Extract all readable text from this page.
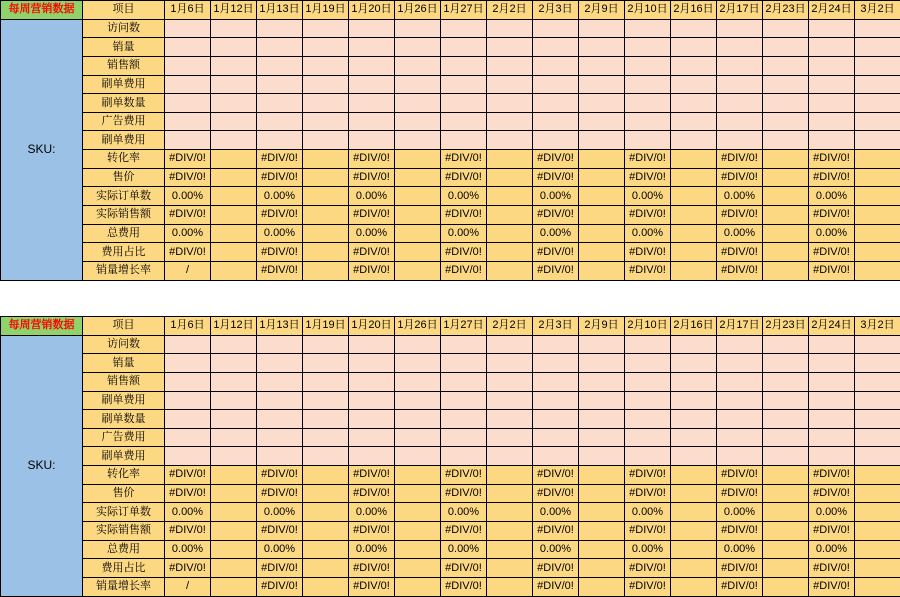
每周营销数据	项目	1月6日	1月12日	1月13日	1月19日	1月20日	1月26日	1月27日	2月2日	2月3日	2月9日	2月10日	2月16日	2月17日	2月23日	2月24日	3月2日
SKU:	访问数																
	销量																
	销售额																
	刷单费用																
	刷单数量																
	广告费用																
	刷单费用																
	转化率	#DIV/0!		#DIV/0!		#DIV/0!		#DIV/0!		#DIV/0!		#DIV/0!		#DIV/0!		#DIV/0!	
	售价	#DIV/0!		#DIV/0!		#DIV/0!		#DIV/0!		#DIV/0!		#DIV/0!		#DIV/0!		#DIV/0!	
	实际订单数	0.00%		0.00%		0.00%		0.00%		0.00%		0.00%		0.00%		0.00%	
	实际销售额	#DIV/0!		#DIV/0!		#DIV/0!		#DIV/0!		#DIV/0!		#DIV/0!		#DIV/0!		#DIV/0!	
	总费用	0.00%		0.00%		0.00%		0.00%		0.00%		0.00%		0.00%		0.00%	
	费用占比	#DIV/0!		#DIV/0!		#DIV/0!		#DIV/0!		#DIV/0!		#DIV/0!		#DIV/0!		#DIV/0!	
	销量增长率	/		#DIV/0!		#DIV/0!		#DIV/0!		#DIV/0!		#DIV/0!		#DIV/0!		#DIV/0!	
每周营销数据	项目	1月6日	1月12日	1月13日	1月19日	1月20日	1月26日	1月27日	2月2日	2月3日	2月9日	2月10日	2月16日	2月17日	2月23日	2月24日	3月2日
SKU:	访问数																
	销量																
	销售额																
	刷单费用																
	刷单数量																
	广告费用																
	刷单费用																
	转化率	#DIV/0!		#DIV/0!		#DIV/0!		#DIV/0!		#DIV/0!		#DIV/0!		#DIV/0!		#DIV/0!	
	售价	#DIV/0!		#DIV/0!		#DIV/0!		#DIV/0!		#DIV/0!		#DIV/0!		#DIV/0!		#DIV/0!	
	实际订单数	0.00%		0.00%		0.00%		0.00%		0.00%		0.00%		0.00%		0.00%	
	实际销售额	#DIV/0!		#DIV/0!		#DIV/0!		#DIV/0!		#DIV/0!		#DIV/0!		#DIV/0!		#DIV/0!	
	总费用	0.00%		0.00%		0.00%		0.00%		0.00%		0.00%		0.00%		0.00%	
	费用占比	#DIV/0!		#DIV/0!		#DIV/0!		#DIV/0!		#DIV/0!		#DIV/0!		#DIV/0!		#DIV/0!	
	销量增长率	/		#DIV/0!		#DIV/0!		#DIV/0!		#DIV/0!		#DIV/0!		#DIV/0!		#DIV/0!	
